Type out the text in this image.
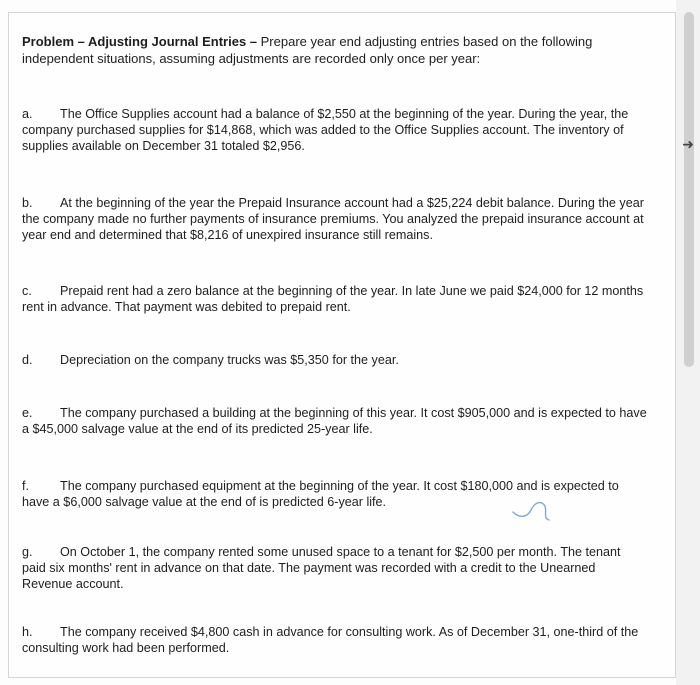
Problem – Adjusting Journal Entries – Prepare year end adjusting entries based on the following independent situations, assuming adjustments are recorded only once per year:
a. The Office Supplies account had a balance of $2,550 at the beginning of the year. During the year, the company purchased supplies for $14,868, which was added to the Office Supplies account. The inventory of supplies available on December 31 totaled $2,956.
b. At the beginning of the year the Prepaid Insurance account had a $25,224 debit balance. During the year the company made no further payments of insurance premiums. You analyzed the prepaid insurance account at year end and determined that $8,216 of unexpired insurance still remains.
c. Prepaid rent had a zero balance at the beginning of the year. In late June we paid $24,000 for 12 months rent in advance. That payment was debited to prepaid rent.
d. Depreciation on the company trucks was $5,350 for the year.
e. The company purchased a building at the beginning of this year. It cost $905,000 and is expected to have a $45,000 salvage value at the end of its predicted 25-year life.
f. The company purchased equipment at the beginning of the year. It cost $180,000 and is expected to have a $6,000 salvage value at the end of is predicted 6-year life.
g. On October 1, the company rented some unused space to a tenant for $2,500 per month. The tenant paid six months' rent in advance on that date. The payment was recorded with a credit to the Unearned Revenue account.
h. The company received $4,800 cash in advance for consulting work. As of December 31, one-third of the consulting work had been performed.
➜
